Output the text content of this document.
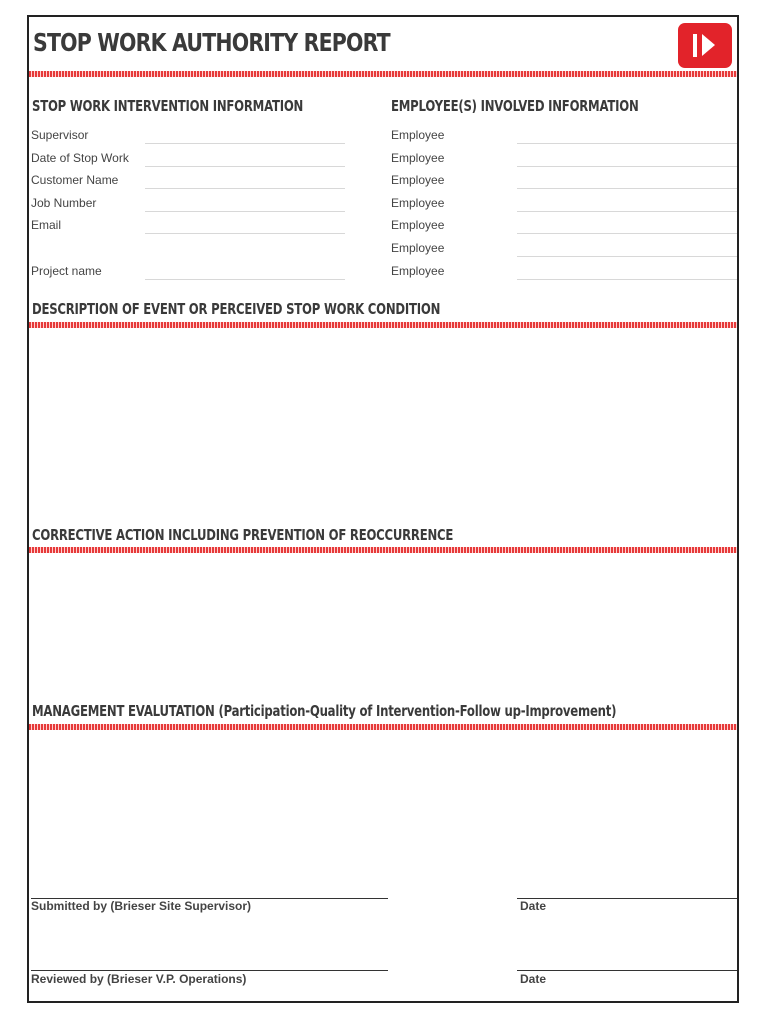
STOP WORK AUTHORITY REPORT
STOP WORK INTERVENTION INFORMATION
Supervisor
Date of Stop Work
Customer Name
Job Number
Email
Project name
EMPLOYEE(S) INVOLVED INFORMATION
Employee
Employee
Employee
Employee
Employee
Employee
Employee
DESCRIPTION OF EVENT OR PERCEIVED STOP WORK CONDITION
CORRECTIVE ACTION INCLUDING PREVENTION OF REOCCURRENCE
MANAGEMENT EVALUTATION (Participation-Quality of Intervention-Follow up-Improvement)
Submitted by (Brieser Site Supervisor)	Date
Reviewed by (Brieser V.P. Operations)	Date
